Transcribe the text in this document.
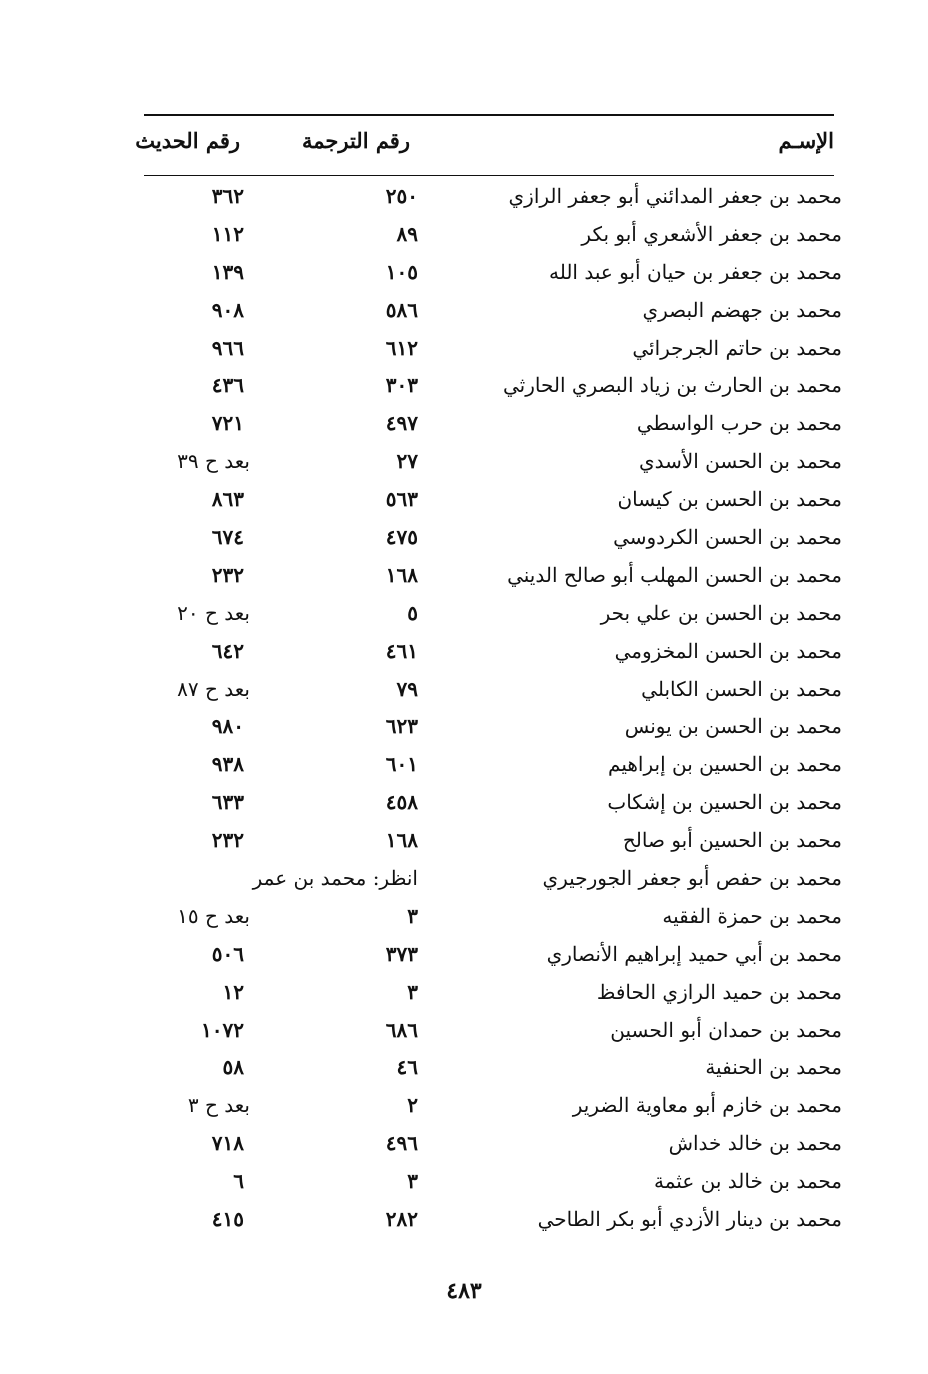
الإسـم
رقم الترجمة
رقم الحديث
محمد بن جعفر المدائني أبو جعفر الرازي
٢٥٠
٣٦٢
محمد بن جعفر الأشعري أبو بكر
٨٩
١١٢
محمد بن جعفر بن حيان أبو عبد الله
١٠٥
١٣٩
محمد بن جهضم البصري
٥٨٦
٩٠٨
محمد بن حاتم الجرجرائي
٦١٢
٩٦٦
محمد بن الحارث بن زياد البصري الحارثي
٣٠٣
٤٣٦
محمد بن حرب الواسطي
٤٩٧
٧٢١
محمد بن الحسن الأسدي
٢٧
بعد ح ٣٩
محمد بن الحسن بن كيسان
٥٦٣
٨٦٣
محمد بن الحسن الكردوسي
٤٧٥
٦٧٤
محمد بن الحسن المهلب أبو صالح الديني
١٦٨
٢٣٢
محمد بن الحسن بن علي بحر
٥
بعد ح ٢٠
محمد بن الحسن المخزومي
٤٦١
٦٤٢
محمد بن الحسن الكابلي
٧٩
بعد ح ٨٧
محمد بن الحسن بن يونس
٦٢٣
٩٨٠
محمد بن الحسين بن إبراهيم
٦٠١
٩٣٨
محمد بن الحسين بن إشكاب
٤٥٨
٦٣٣
محمد بن الحسين أبو صالح
١٦٨
٢٣٢
محمد بن حفص أبو جعفر الجورجيري
انظر: محمد بن عمر
محمد بن حمزة الفقيه
٣
بعد ح ١٥
محمد بن أبي حميد إبراهيم الأنصاري
٣٧٣
٥٠٦
محمد بن حميد الرازي الحافظ
٣
١٢
محمد بن حمدان أبو الحسين
٦٨٦
١٠٧٢
محمد بن الحنفية
٤٦
٥٨
محمد بن خازم أبو معاوية الضرير
٢
بعد ح ٣
محمد بن خالد خداش
٤٩٦
٧١٨
محمد بن خالد بن عثمة
٣
٦
محمد بن دينار الأزدي أبو بكر الطاحي
٢٨٢
٤١٥
٤٨٣
